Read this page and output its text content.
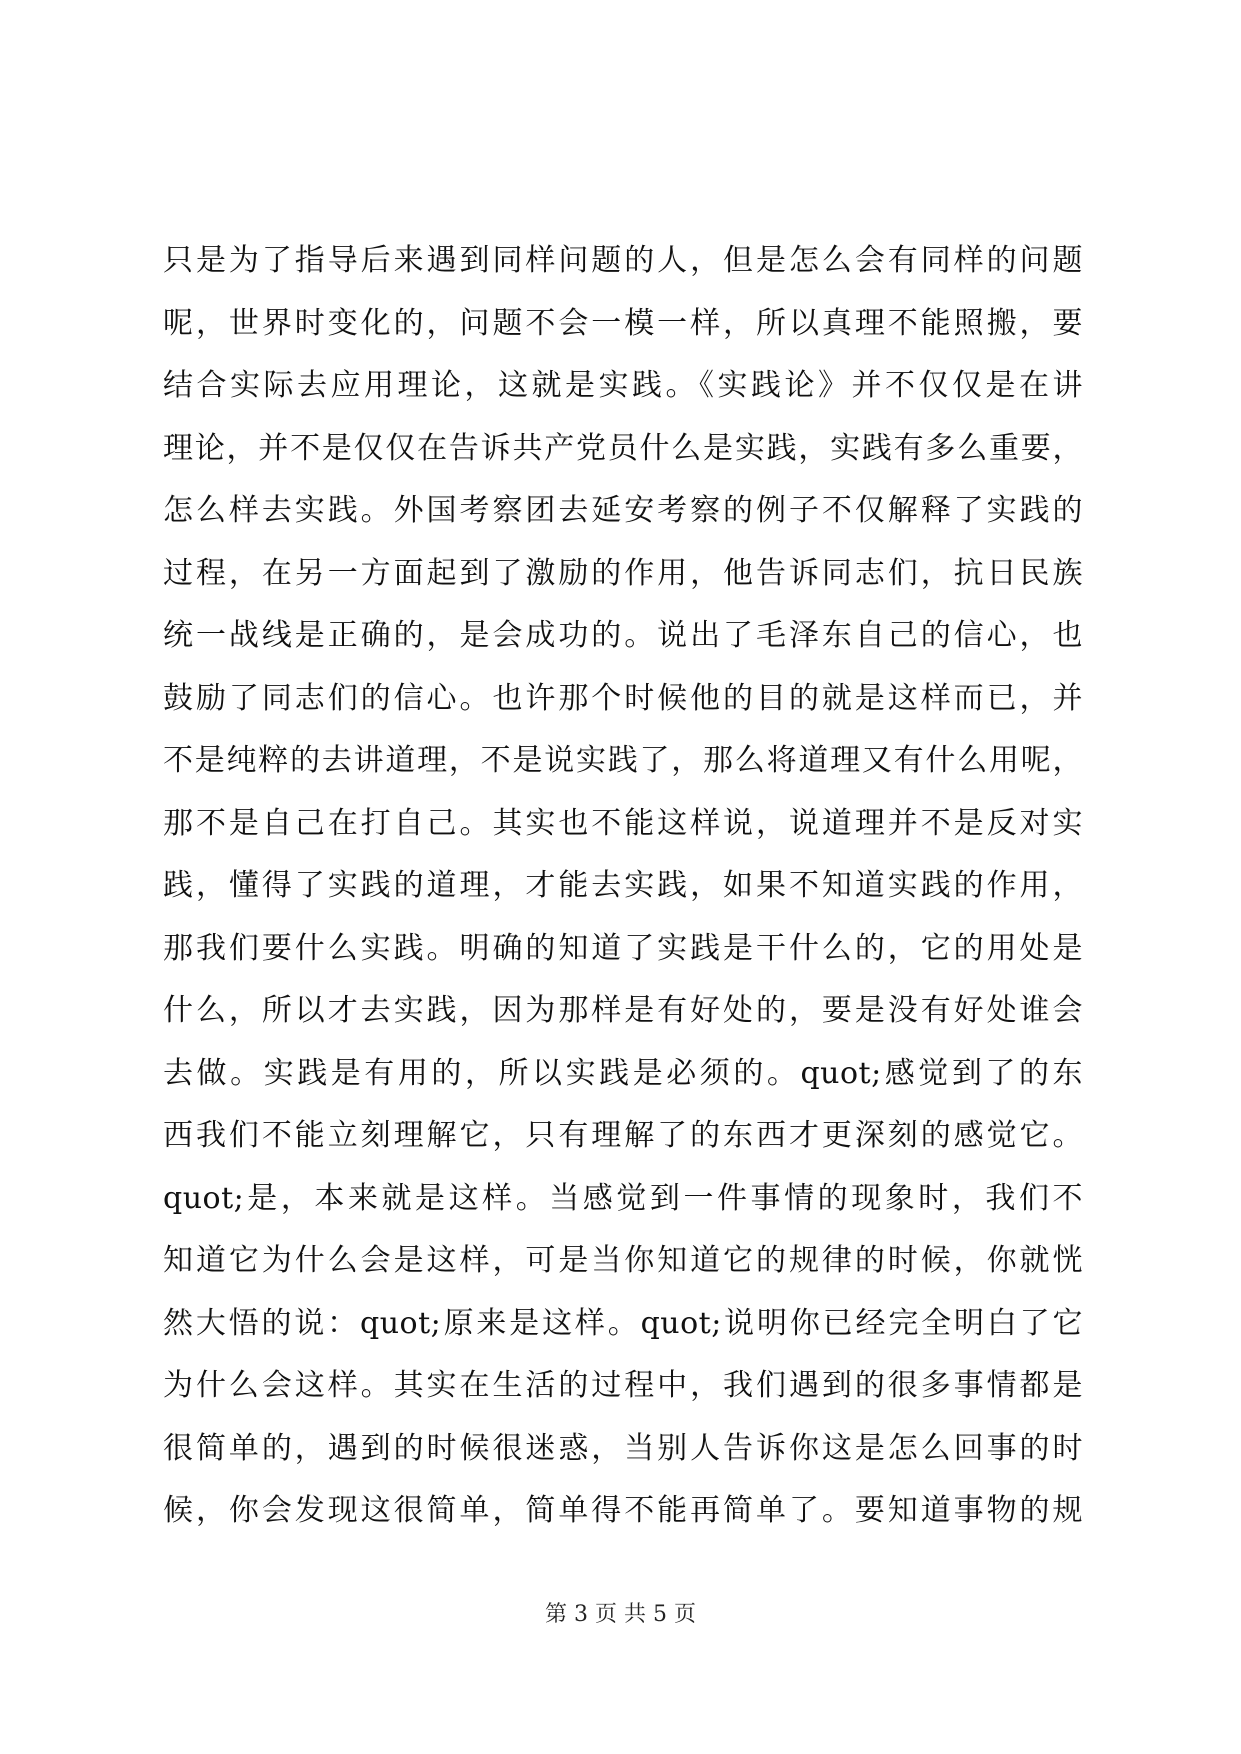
只是为了指导后来遇到同样问题的人，但是怎么会有同样的问题
呢，世界时变化的，问题不会一模一样，所以真理不能照搬，要
结合实际去应用理论，这就是实践。《实践论》并不仅仅是在讲
理论，并不是仅仅在告诉共产党员什么是实践，实践有多么重要，
怎么样去实践。外国考察团去延安考察的例子不仅解释了实践的
过程，在另一方面起到了激励的作用，他告诉同志们，抗日民族
统一战线是正确的，是会成功的。说出了毛泽东自己的信心，也
鼓励了同志们的信心。也许那个时候他的目的就是这样而已，并
不是纯粹的去讲道理，不是说实践了，那么将道理又有什么用呢，
那不是自己在打自己。其实也不能这样说，说道理并不是反对实
践，懂得了实践的道理，才能去实践，如果不知道实践的作用，
那我们要什么实践。明确的知道了实践是干什么的，它的用处是
什么，所以才去实践，因为那样是有好处的，要是没有好处谁会
去做。实践是有用的，所以实践是必须的。quot;感觉到了的东
西我们不能立刻理解它，只有理解了的东西才更深刻的感觉它。
quot;是，本来就是这样。当感觉到一件事情的现象时，我们不
知道它为什么会是这样，可是当你知道它的规律的时候，你就恍
然大悟的说：quot;原来是这样。quot;说明你已经完全明白了它
为什么会这样。其实在生活的过程中，我们遇到的很多事情都是
很简单的，遇到的时候很迷惑，当别人告诉你这是怎么回事的时
候，你会发现这很简单，简单得不能再简单了。要知道事物的规
第 3 页 共 5 页
